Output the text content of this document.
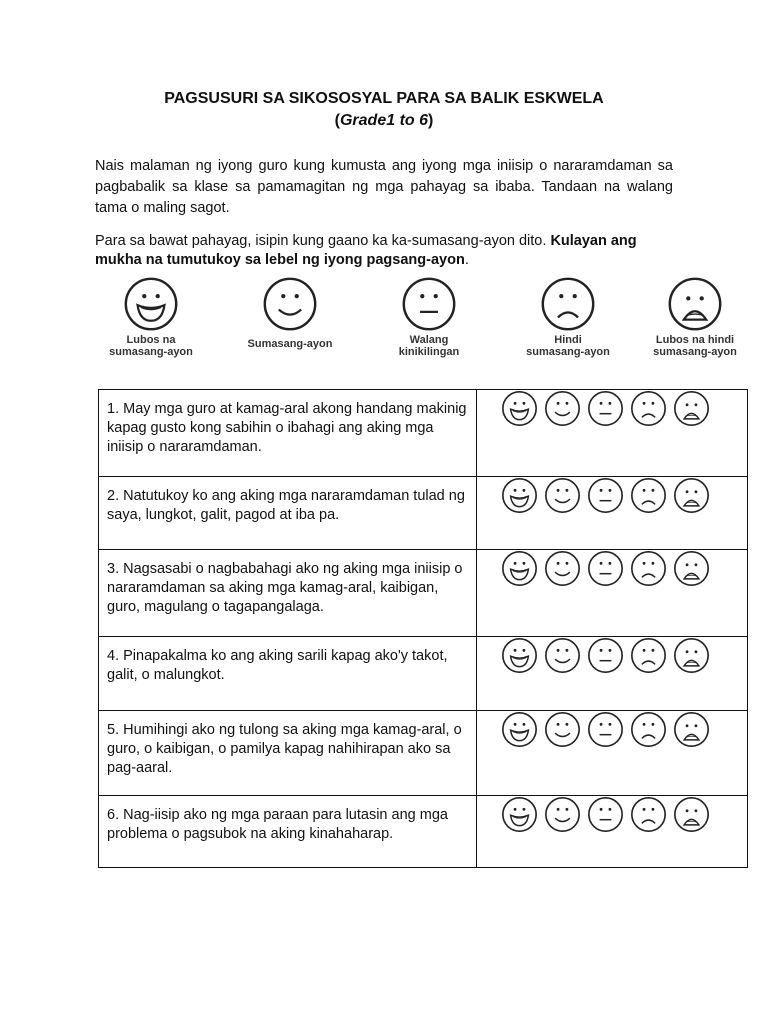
PAGSUSURI SA SIKOSOSYAL PARA SA BALIK ESKWELA
(Grade1 to 6)
Nais malaman ng iyong guro kung kumusta ang iyong mga iniisip o nararamdaman sa pagbabalik sa klase sa pamamagitan ng mga pahayag sa ibaba. Tandaan na walang tama o maling sagot.
Para sa bawat pahayag, isipin kung gaano ka ka-sumasang-ayon dito. Kulayan ang mukha na tumutukoy sa lebel ng iyong pagsang-ayon.
Lubos na
sumasang-ayon
Sumasang-ayon	Walang
kinikilingan
Hindi
sumasang-ayon
Lubos na hindi
sumasang-ayon
1. May mga guro at kamag-aral akong handang makinig kapag gusto kong sabihin o ibahagi ang aking mga iniisip o nararamdaman.	

2. Natutukoy ko ang aking mga nararamdaman tulad ng saya, lungkot, galit, pagod at iba pa.	

3. Nagsasabi o nagbabahagi ako ng aking mga iniisip o nararamdaman sa aking mga kamag-aral, kaibigan, guro, magulang o tagapangalaga.	

4. Pinapakalma ko ang aking sarili kapag ako'y takot, galit, o malungkot.	

5. Humihingi ako ng tulong sa aking mga kamag-aral, o guro, o kaibigan, o pamilya kapag nahihirapan ako sa pag-aaral.	

6. Nag-iisip ako ng mga paraan para lutasin ang mga problema o pagsubok na aking kinahaharap.	
